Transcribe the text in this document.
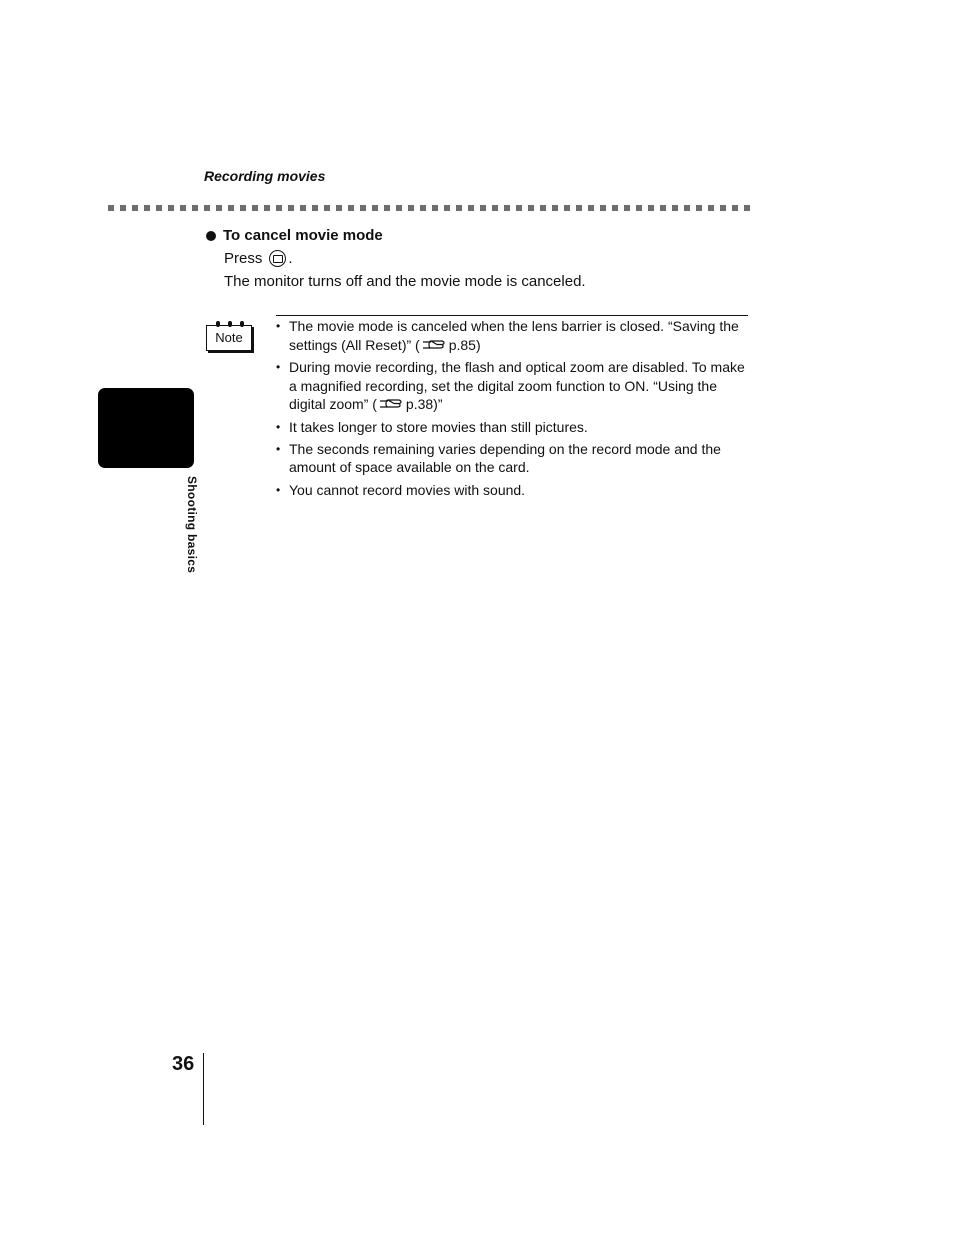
Recording movies
To cancel movie mode
Press .
The monitor turns off and the movie mode is canceled.
Note
• The movie mode is canceled when the lens barrier is closed. “Saving the settings (All Reset)” ( p.85)
• During movie recording, the flash and optical zoom are disabled. To make a magnified recording, set the digital zoom function to ON. “Using the digital zoom” ( p.38)”
• It takes longer to store movies than still pictures.
• The seconds remaining varies depending on the record mode and the amount of space available on the card.
• You cannot record movies with sound.
Shooting basics
36
